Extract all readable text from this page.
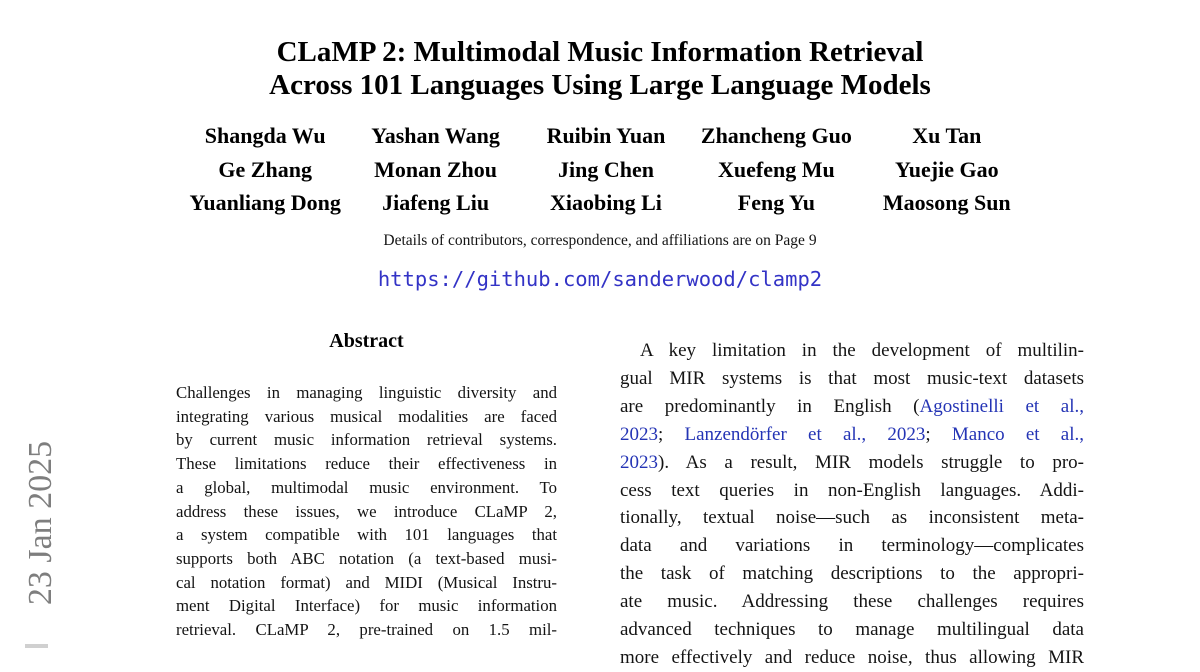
CLaMP 2: Multimodal Music Information Retrieval
Across 101 Languages Using Large Language Models
Shangda Wu	Yashan Wang	Ruibin Yuan	Zhancheng Guo	Xu Tan
Ge Zhang	Monan Zhou	Jing Chen	Xuefeng Mu	Yuejie Gao
Yuanliang Dong	Jiafeng Liu	Xiaobing Li	Feng Yu	Maosong Sun
Details of contributors, correspondence, and affiliations are on Page 9
https://github.com/sanderwood/clamp2
Abstract
Challenges in managing linguistic diversity and
integrating various musical modalities are faced
by current music information retrieval systems.
These limitations reduce their effectiveness in
a global, multimodal music environment. To
address these issues, we introduce CLaMP 2,
a system compatible with 101 languages that
supports both ABC notation (a text-based musi-
cal notation format) and MIDI (Musical Instru-
ment Digital Interface) for music information
retrieval. CLaMP 2, pre-trained on 1.5 mil-
A key limitation in the development of multilin-
gual MIR systems is that most music-text datasets
are predominantly in English (Agostinelli et al.,
2023; Lanzendörfer et al., 2023; Manco et al.,
2023). As a result, MIR models struggle to pro-
cess text queries in non-English languages. Addi-
tionally, textual noise—such as inconsistent meta-
data and variations in terminology—complicates
the task of matching descriptions to the appropri-
ate music. Addressing these challenges requires
advanced techniques to manage multilingual data
more effectively and reduce noise, thus allowing MIR
23 Jan 2025
